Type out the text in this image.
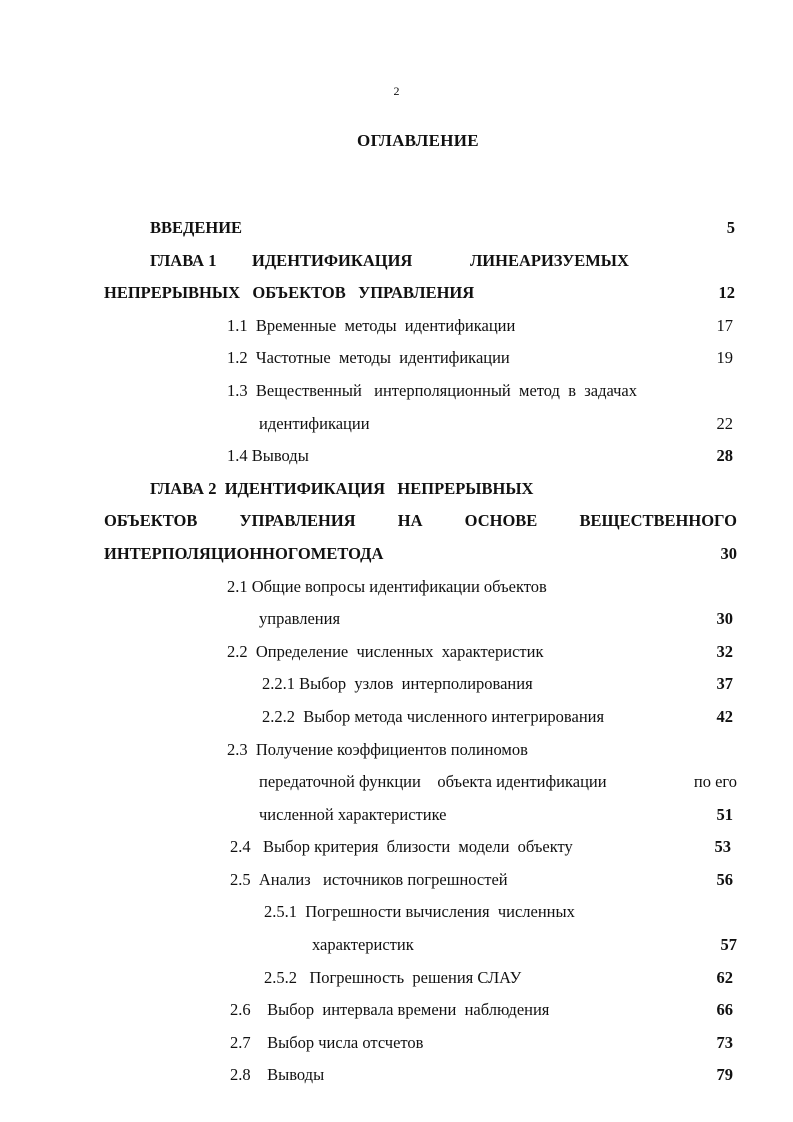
2
ОГЛАВЛЕНИЕ
ВВЕДЕНИЕ	5
ГЛАВА 1 ИДЕНТИФИКАЦИЯ	ЛИНЕАРИЗУЕМЫХ
НЕПРЕРЫВНЫХ   ОБЪЕКТОВ   УПРАВЛЕНИЯ	12
1.1  Временные  методы  идентификации	17
1.2  Частотные  методы  идентификации	19
1.3  Вещественный   интерполяционный  метод  в  задачах
идентификации	22
1.4 Выводы	28
ГЛАВА 2  ИДЕНТИФИКАЦИЯ   НЕПРЕРЫВНЫХ
ОБЪЕКТОВ	УПРАВЛЕНИЯ	НА	ОСНОВЕ	ВЕЩЕСТВЕННОГО
ИНТЕРПОЛЯЦИОННОГОМЕТОДА	30
2.1 Общие вопросы идентификации объектов
управления	30
2.2  Определение  численных  характеристик	32
2.2.1 Выбор  узлов  интерполирования	37
2.2.2  Выбор метода численного интегрирования	42
2.3  Получение коэффициентов полиномов
передаточной функции    объекта идентификации	по его
численной характеристике	51
2.4   Выбор критерия  близости  модели  объекту	53
2.5  Анализ   источников погрешностей	56
2.5.1  Погрешности вычисления  численных
характеристик	57
2.5.2   Погрешность  решения СЛАУ	62
2.6    Выбор  интервала времени  наблюдения	66
2.7    Выбор числа отсчетов	73
2.8    Выводы	79
